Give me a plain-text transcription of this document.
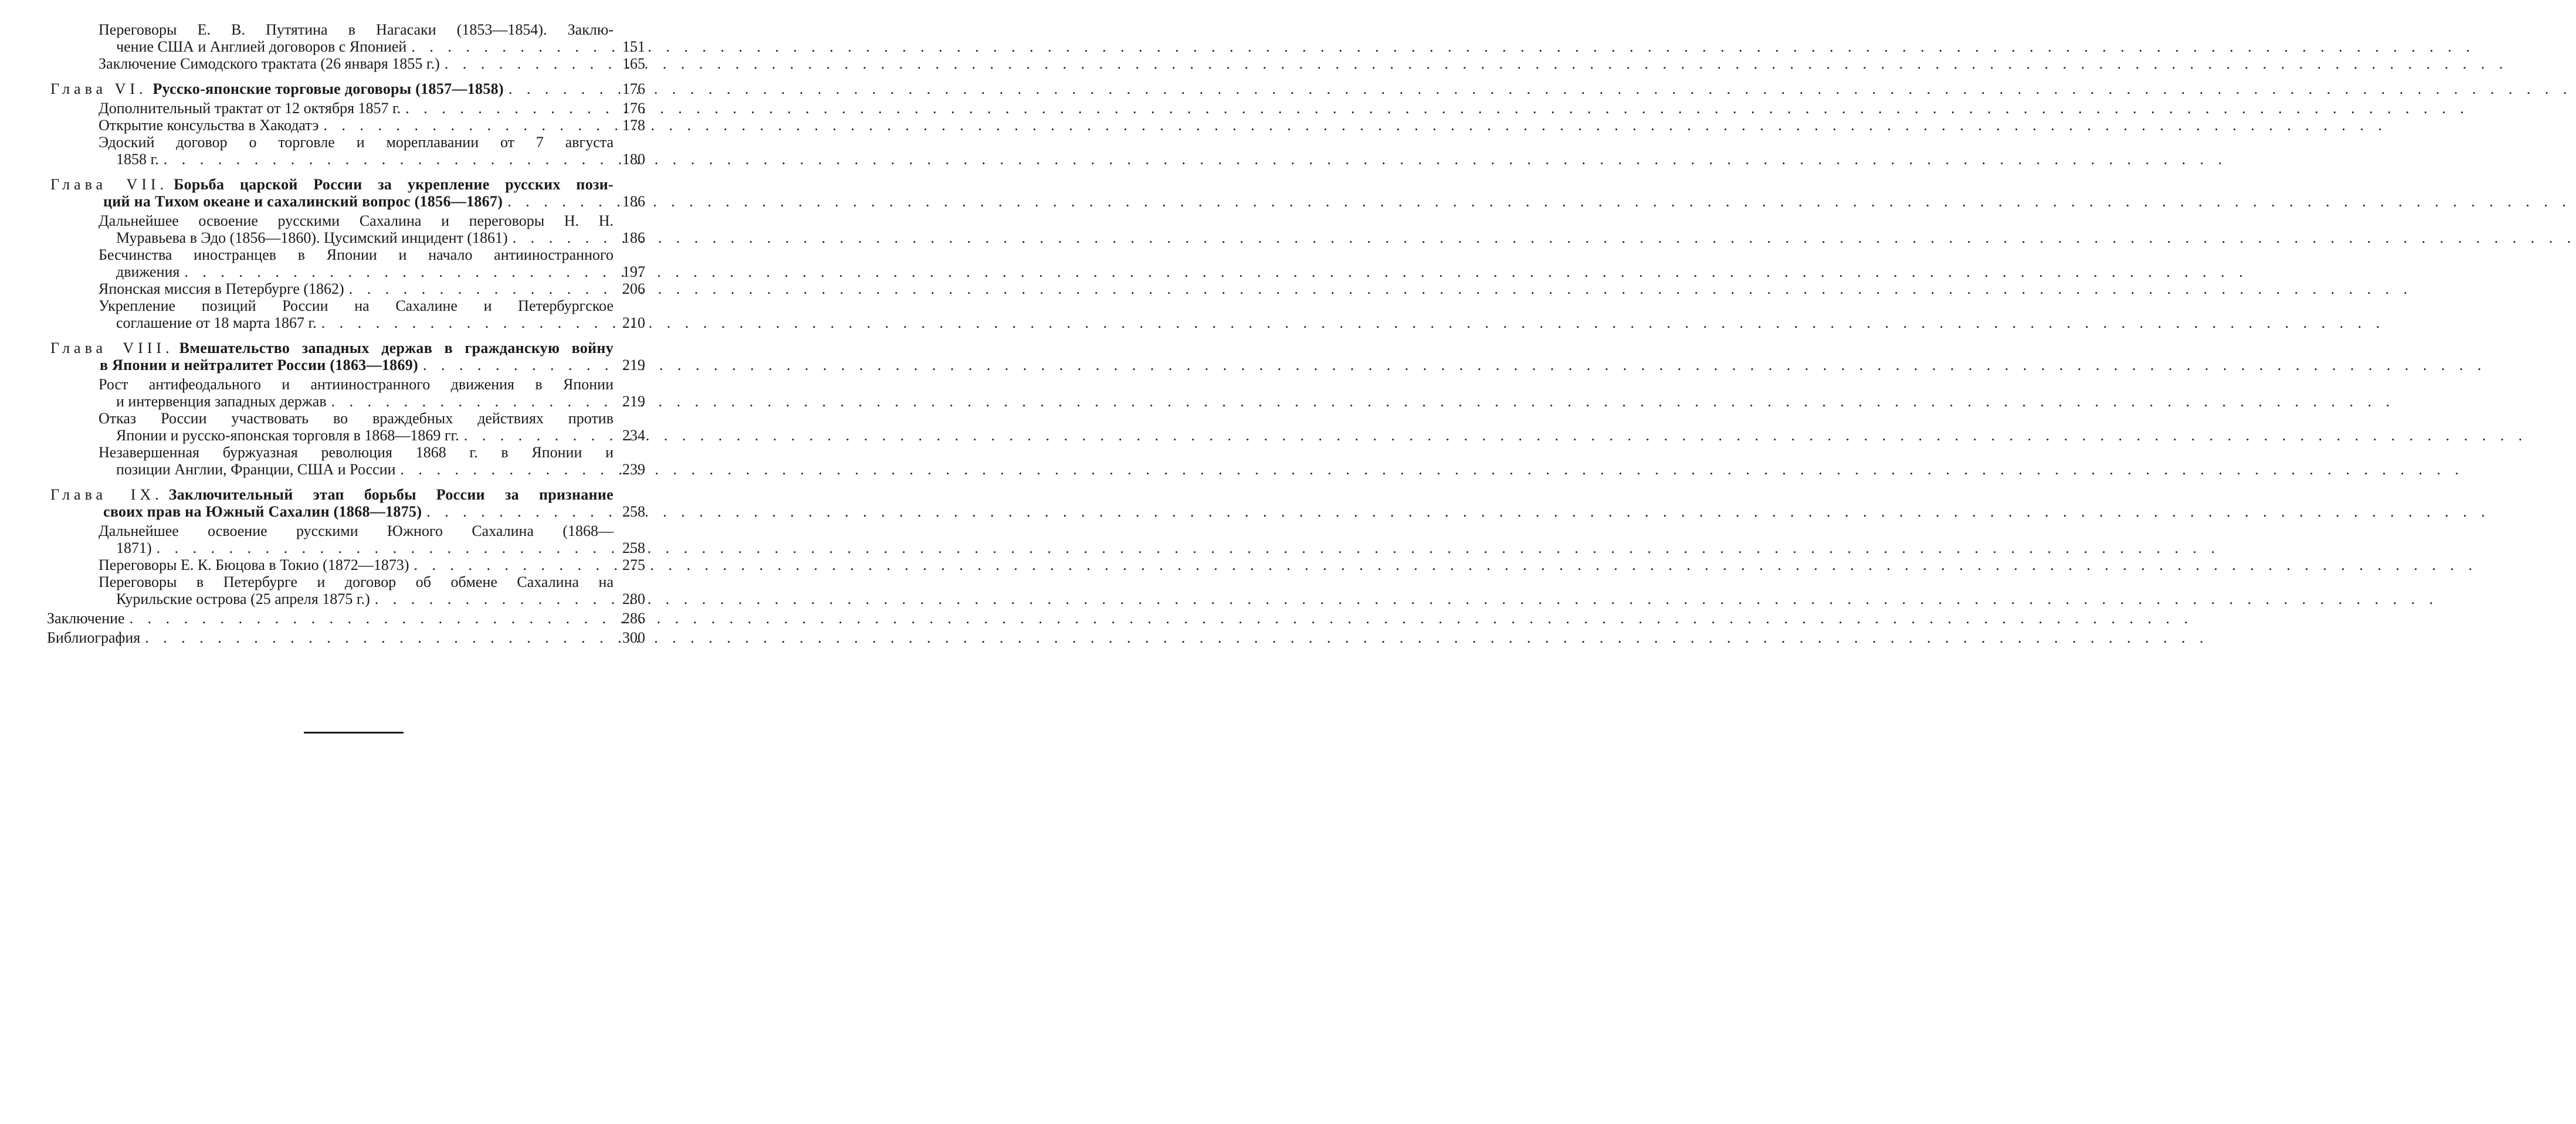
Переговоры Е. В. Путятина в Нагасаки (1853—1854). Заклю-
чение США и Англией договоров с Японией . . .	151
Заключение Симодского трактата (26 января 1855 г.) . . .	165
Глава VI. Русско-японские торговые договоры (1857—1858) . . .	176
Дополнительный трактат от 12 октября 1857 г. . . .	176
Открытие консульства в Хакодатэ . . .	178
Эдоский договор о торговле и мореплавании от 7 августа
1858 г. . . .	180
Глава VII. Борьба царской России за укрепление русских пози-
ций на Тихом океане и сахалинский вопрос (1856—1867) . . .	186
Дальнейшее освоение русскими Сахалина и переговоры Н. Н.
Муравьева в Эдо (1856—1860). Цусимский инцидент (1861) . . .	186
Бесчинства иностранцев в Японии и начало антииностранного
движения . . .	197
Японская миссия в Петербурге (1862) . . .	206
Укрепление позиций России на Сахалине и Петербургское
соглашение от 18 марта 1867 г. . . .	210
Глава VIII. Вмешательство западных держав в гражданскую войну
в Японии и нейтралитет России (1863—1869) . . .	219
Рост антифеодального и антииностранного движения в Японии
и интервенция западных держав . . .	219
Отказ России участвовать во враждебных действиях против
Японии и русско-японская торговля в 1868—1869 гг. . . .	234
Незавершенная буржуазная революция 1868 г. в Японии и
позиции Англии, Франции, США и России . . .	239
Глава IX. Заключительный этап борьбы России за признание
своих прав на Южный Сахалин (1868—1875) . . .	258
Дальнейшее освоение русскими Южного Сахалина (1868—
1871) . . .	258
Переговоры Е. К. Бюцова в Токио (1872—1873) . . .	275
Переговоры в Петербурге и договор об обмене Сахалина на
Курильские острова (25 апреля 1875 г.) . . .	280
Заключение . . .	286
Библиография . . .	300
